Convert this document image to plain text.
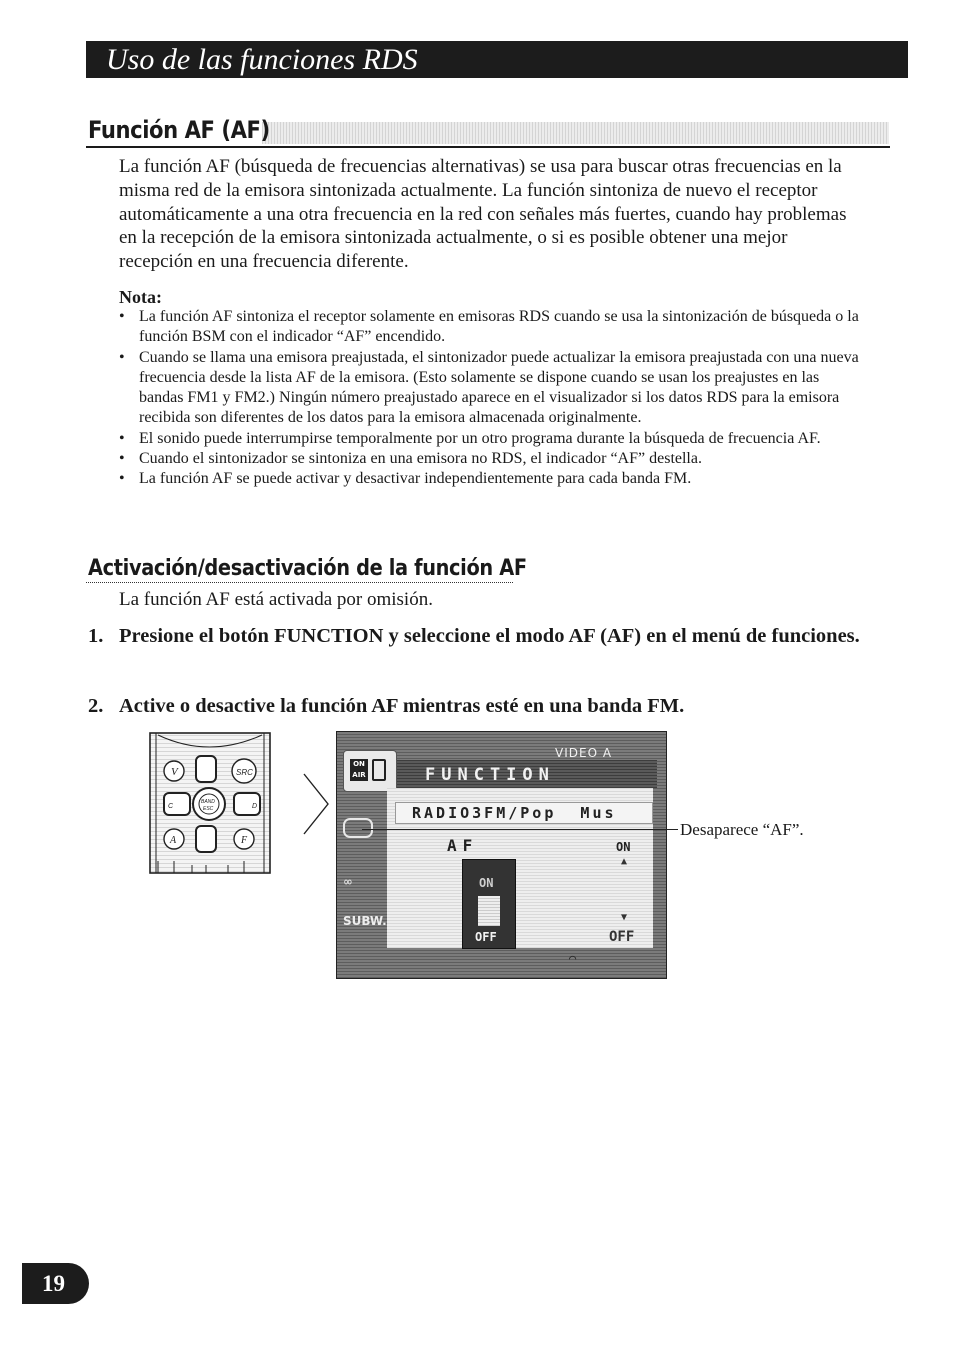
Uso de las funciones RDS
Función AF (AF)

La función AF (búsqueda de frecuencias alternativas) se usa para buscar otras frecuencias en la misma red de la emisora sintonizada actualmente. La función sintoniza de nuevo el receptor automáticamente a una otra frecuencia en la red con señales más fuertes, cuando hay problemas en la recepción de la emisora sintonizada actualmente, o si es posible obtener una mejor recepción en una frecuencia diferente.

Nota:
• La función AF sintoniza el receptor solamente en emisoras RDS cuando se usa la sintonización de búsqueda o la función BSM con el indicador “AF” encendido.
• Cuando se llama una emisora preajustada, el sintonizador puede actualizar la emisora preajustada con una nueva frecuencia desde la lista AF de la emisora. (Esto solamente se dispone cuando se usan los preajustes en las bandas FM1 y FM2.) Ningún número preajustado aparece en el visualizador si los datos RDS para la emisora recibida son diferentes de los datos para la emisora almacenada originalmente.
• El sonido puede interrumpirse temporalmente por un otro programa durante la búsqueda de frecuencia AF.
• Cuando el sintonizador se sintoniza en una emisora no RDS, el indicador “AF” destella.
• La función AF se puede activar y desactivar independientemente para cada banda FM.
Activación/desactivación de la función AF
La función AF está activada por omisión.
1. Presione el botón FUNCTION y seleccione el modo AF (AF) en el menú de funciones.
2. Active o desactive la función AF mientras esté en una banda FM.
V	SRC
BAND
ESC
A	F
C	D
FUNCTION
VIDEO A
ON AIR
RADIO3FM/Pop  Mus
AF	ON
▲
▼
OFF
ON
OFF
∞
SUBW.
⌒
Desaparece “AF”.
19
